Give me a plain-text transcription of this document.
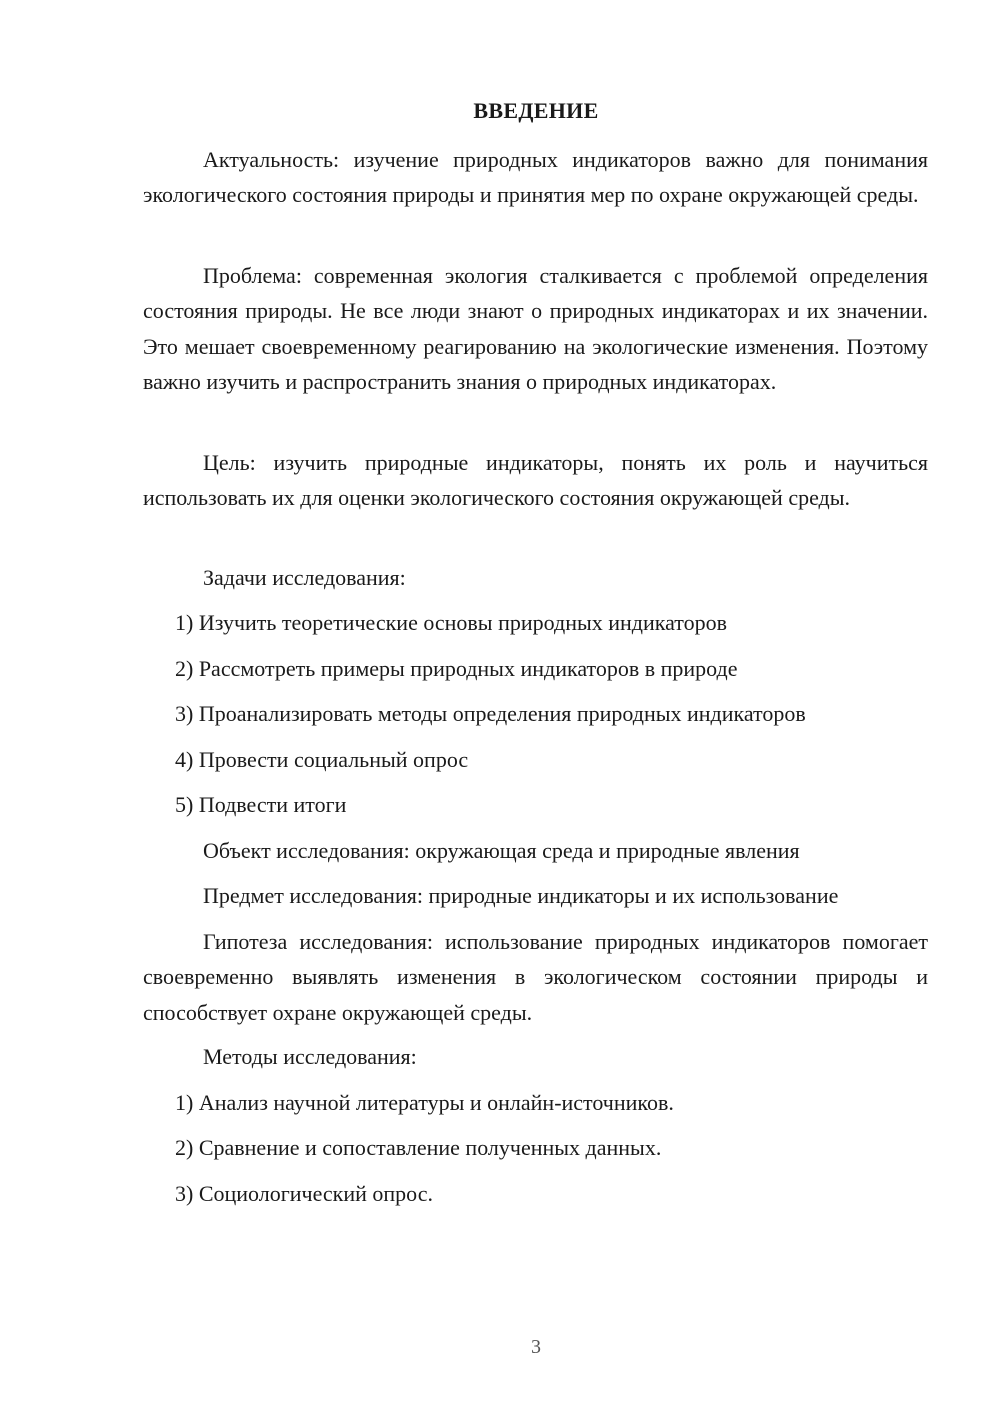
ВВЕДЕНИЕ

Актуальность: изучение природных индикаторов важно для понимания экологического состояния природы и принятия мер по охране окружающей среды.

Проблема: современная экология сталкивается с проблемой определения состояния природы. Не все люди знают о природных индикаторах и их значении. Это мешает своевременному реагированию на экологические изменения. Поэтому важно изучить и распространить знания о природных индикаторах.

Цель: изучить природные индикаторы, понять их роль и научиться использовать их для оценки экологического состояния окружающей среды.

Задачи исследования:

1) Изучить теоретические основы природных индикаторов

2) Рассмотреть примеры природных индикаторов в природе

3) Проанализировать методы определения природных индикаторов

4) Провести социальный опрос

5) Подвести итоги

Объект исследования: окружающая среда и природные явления

Предмет исследования: природные индикаторы и их использование

Гипотеза исследования: использование природных индикаторов помогает своевременно выявлять изменения в экологическом состоянии природы и способствует охране окружающей среды.

Методы исследования:

1) Анализ научной литературы и онлайн-источников.

2) Сравнение и сопоставление полученных данных.

3) Социологический опрос.

3
